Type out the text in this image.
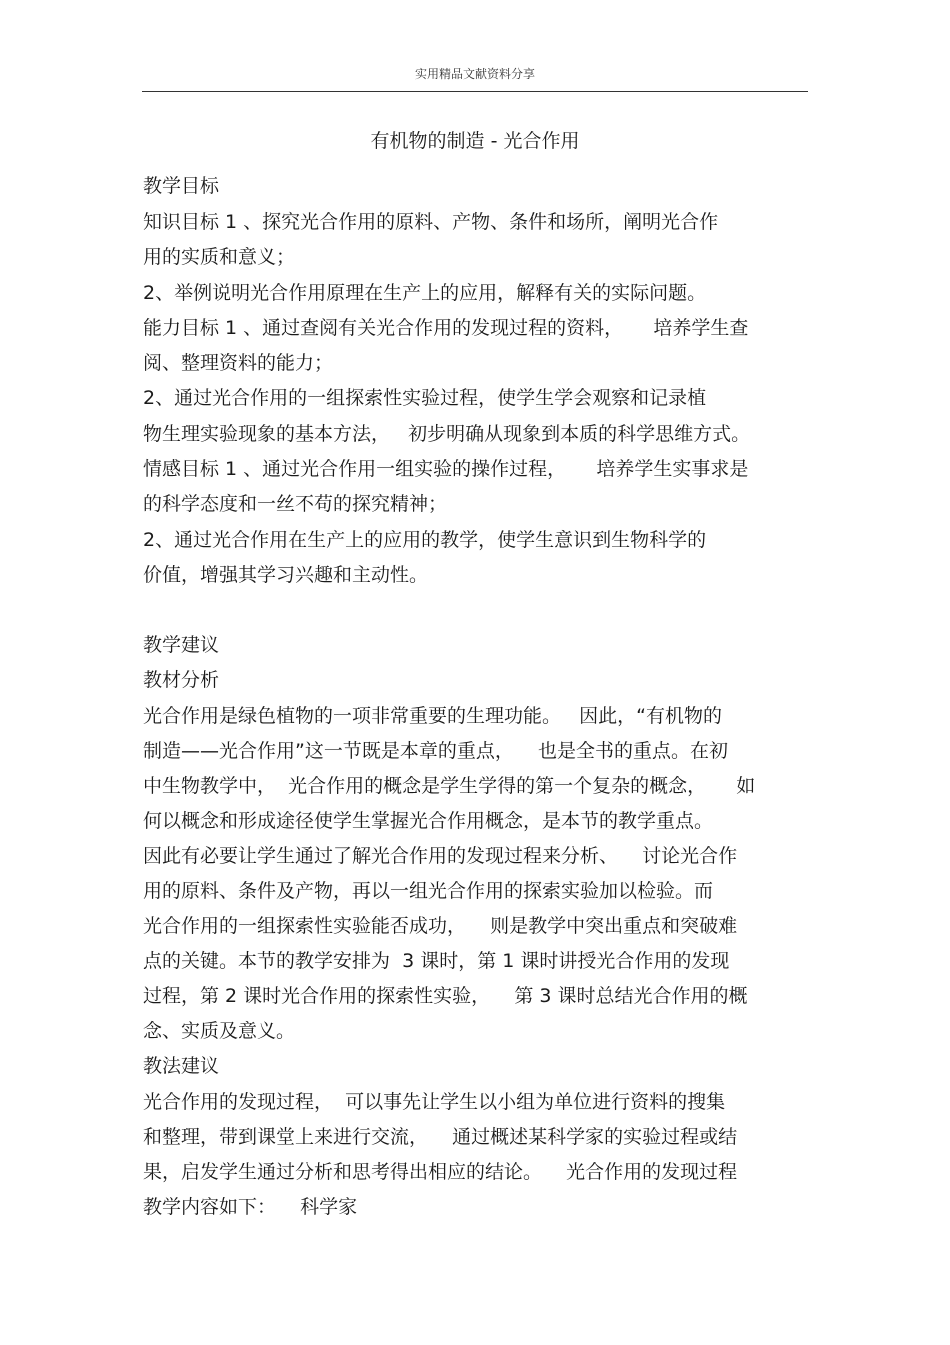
实用精品文献资料分享
有机物的制造 - 光合作用
教学目标
知识目标 1 、探究光合作用的原料、产物、条件和场所，阐明光合作
用的实质和意义；
2、举例说明光合作用原理在生产上的应用，解释有关的实际问题。
能力目标 1 、通过查阅有关光合作用的发现过程的资料，     培养学生查
阅、整理资料的能力；
2、通过光合作用的一组探索性实验过程，使学生学会观察和记录植
物生理实验现象的基本方法，   初步明确从现象到本质的科学思维方式。
情感目标 1 、通过光合作用一组实验的操作过程，     培养学生实事求是
的科学态度和一丝不苟的探究精神；
2、通过光合作用在生产上的应用的教学，使学生意识到生物科学的
价值，增强其学习兴趣和主动性。
教学建议
教材分析
光合作用是绿色植物的一项非常重要的生理功能。   因此，“有机物的
制造——光合作用”这一节既是本章的重点，    也是全书的重点。在初
中生物教学中，  光合作用的概念是学生学得的第一个复杂的概念，     如
何以概念和形成途径使学生掌握光合作用概念，是本节的教学重点。
因此有必要让学生通过了解光合作用的发现过程来分析、    讨论光合作
用的原料、条件及产物，再以一组光合作用的探索实验加以检验。而
光合作用的一组探索性实验能否成功，    则是教学中突出重点和突破难
点的关键。本节的教学安排为  3 课时，第 1 课时讲授光合作用的发现
过程，第 2 课时光合作用的探索性实验，    第 3 课时总结光合作用的概
念、实质及意义。
教法建议
光合作用的发现过程，  可以事先让学生以小组为单位进行资料的搜集
和整理，带到课堂上来进行交流，    通过概述某科学家的实验过程或结
果，启发学生通过分析和思考得出相应的结论。    光合作用的发现过程
教学内容如下：    科学家
